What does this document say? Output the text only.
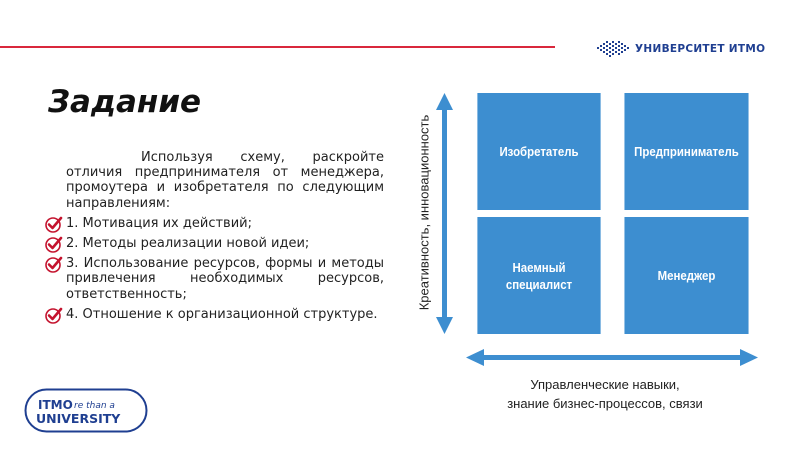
УНИВЕРСИТЕТ ИТМО
Задание

Используя схему, раскройте отличия предпринимателя от менеджера, промоутера и изобретателя по следующим направлениям:

1. Мотивация их действий;
2. Методы реализации новой идеи;
3. Использование ресурсов, формы и методы привлечения необходимых ресурсов, ответственность;
4. Отношение к организационной структуре.
ITMO re than a
UNIVERSITY
Изобретатель	Предприниматель
Наемный
специалист
Менеджер
Креативность, инновационность
Управленческие навыки,
знание бизнес-процессов, связи
